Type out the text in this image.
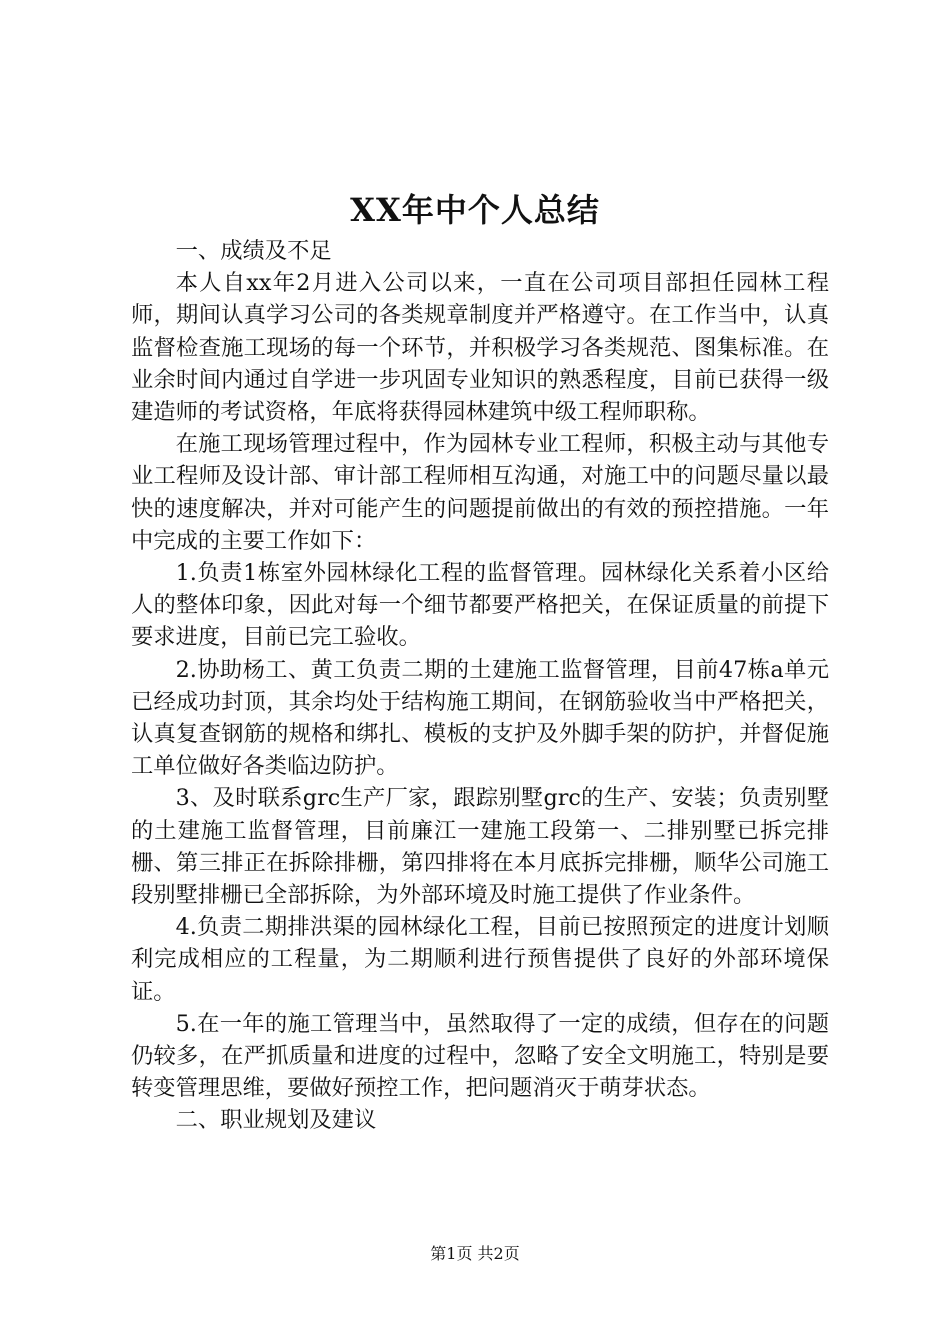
XX年中个人总结

一、成绩及不足

本人自xx年2月进入公司以来，一直在公司项目部担任园林工程师，期间认真学习公司的各类规章制度并严格遵守。在工作当中，认真监督检查施工现场的每一个环节，并积极学习各类规范、图集标准。在业余时间内通过自学进一步巩固专业知识的熟悉程度，目前已获得一级建造师的考试资格，年底将获得园林建筑中级工程师职称。

在施工现场管理过程中，作为园林专业工程师，积极主动与其他专业工程师及设计部、审计部工程师相互沟通，对施工中的问题尽量以最快的速度解决，并对可能产生的问题提前做出的有效的预控措施。一年中完成的主要工作如下：

1.负责1栋室外园林绿化工程的监督管理。园林绿化关系着小区给人的整体印象，因此对每一个细节都要严格把关，在保证质量的前提下要求进度，目前已完工验收。

2.协助杨工、黄工负责二期的土建施工监督管理，目前47栋a单元已经成功封顶，其余均处于结构施工期间，在钢筋验收当中严格把关，认真复查钢筋的规格和绑扎、模板的支护及外脚手架的防护，并督促施工单位做好各类临边防护。

3、及时联系grc生产厂家，跟踪别墅grc的生产、安装；负责别墅的土建施工监督管理，目前廉江一建施工段第一、二排别墅已拆完排栅、第三排正在拆除排栅，第四排将在本月底拆完排栅，顺华公司施工段别墅排栅已全部拆除，为外部环境及时施工提供了作业条件。

4.负责二期排洪渠的园林绿化工程，目前已按照预定的进度计划顺利完成相应的工程量，为二期顺利进行预售提供了良好的外部环境保证。

5.在一年的施工管理当中，虽然取得了一定的成绩，但存在的问题仍较多，在严抓质量和进度的过程中，忽略了安全文明施工，特别是要转变管理思维，要做好预控工作，把问题消灭于萌芽状态。

二、职业规划及建议

第1页 共2页
